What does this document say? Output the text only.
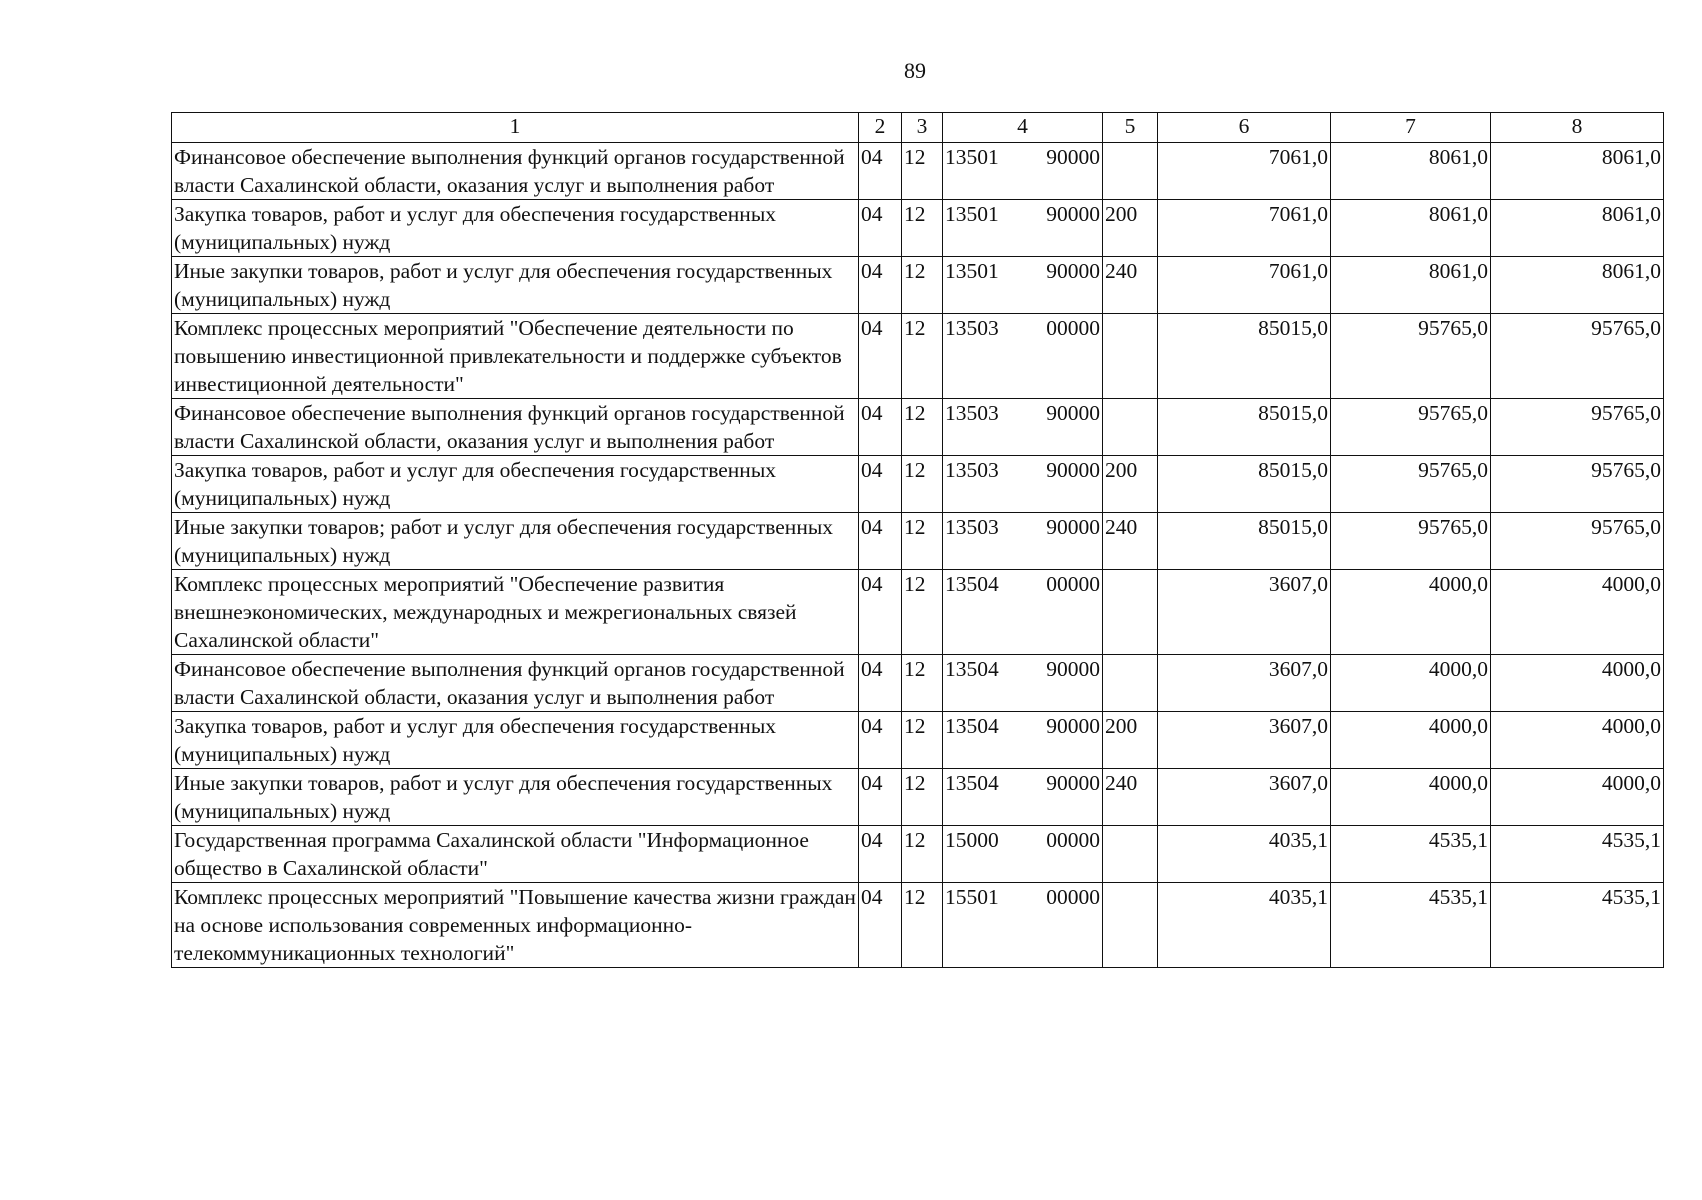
89
1	2	3	4	5	6	7	8
Финансовое обеспечение выполнения функций органов государственной власти Сахалинской области, оказания услуг и выполнения работ	04	12	13501 90000		7061,0	8061,0	8061,0
Закупка товаров, работ и услуг для обеспечения государственных (муниципальных) нужд	04	12	13501 90000	200	7061,0	8061,0	8061,0
Иные закупки товаров, работ и услуг для обеспечения государственных (муниципальных) нужд	04	12	13501 90000	240	7061,0	8061,0	8061,0
Комплекс процессных мероприятий "Обеспечение деятельности по повышению инвестиционной привлекательности и поддержке субъектов инвестиционной деятельности"	04	12	13503 00000		85015,0	95765,0	95765,0
Финансовое обеспечение выполнения функций органов государственной власти Сахалинской области, оказания услуг и выполнения работ	04	12	13503 90000		85015,0	95765,0	95765,0
Закупка товаров, работ и услуг для обеспечения государственных (муниципальных) нужд	04	12	13503 90000	200	85015,0	95765,0	95765,0
Иные закупки товаров; работ и услуг для обеспечения государственных (муниципальных) нужд	04	12	13503 90000	240	85015,0	95765,0	95765,0
Комплекс процессных мероприятий "Обеспечение развития внешнеэкономических, международных и межрегиональных связей Сахалинской области"	04	12	13504 00000		3607,0	4000,0	4000,0
Финансовое обеспечение выполнения функций органов государственной власти Сахалинской области, оказания услуг и выполнения работ	04	12	13504 90000		3607,0	4000,0	4000,0
Закупка товаров, работ и услуг для обеспечения государственных (муниципальных) нужд	04	12	13504 90000	200	3607,0	4000,0	4000,0
Иные закупки товаров, работ и услуг для обеспечения государственных (муниципальных) нужд	04	12	13504 90000	240	3607,0	4000,0	4000,0
Государственная программа Сахалинской области "Информационное общество в Сахалинской области"	04	12	15000 00000		4035,1	4535,1	4535,1
Комплекс процессных мероприятий "Повышение качества жизни граждан на основе использования современных информационно-телекоммуникационных технологий"	04	12	15501 00000		4035,1	4535,1	4535,1
